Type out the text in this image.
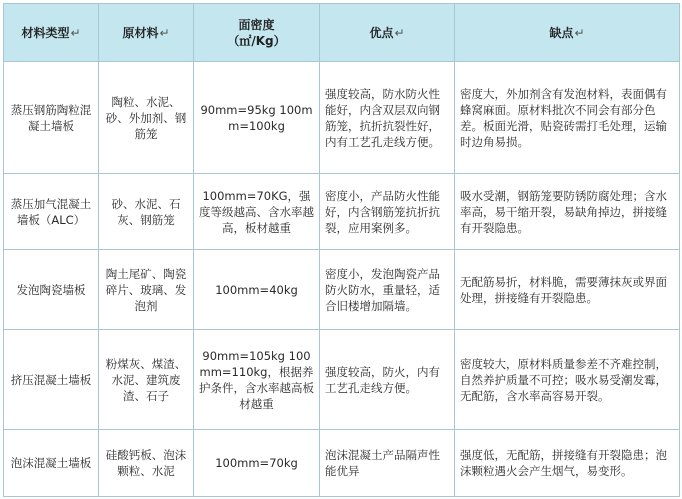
材料类型↵	原材料↵	面密度
（㎡/Kg）	优点↵	缺点↵
蒸压钢筋陶粒混凝土墙板	陶粒、水泥、砂、外加剂、钢筋笼	90mm=95kg 100mm=100kg	强度较高，防水防火性能好，内含双层双向钢筋笼，抗折抗裂性好，内有工艺孔走线方便。	密度大，外加剂含有发泡材料，表面偶有蜂窝麻面。原材料批次不同会有部分色差。板面光滑，贴瓷砖需打毛处理，运输时边角易损。
蒸压加气混凝土墙板（ALC）	砂、水泥、石灰、钢筋笼	100mm=70KG，强度等级越高、含水率越高，板材越重	密度小，产品防火性能好，内含钢筋笼抗折抗裂，应用案例多。	吸水受潮，钢筋笼要防锈防腐处理；含水率高，易干缩开裂，易缺角掉边，拼接缝有开裂隐患。
发泡陶瓷墙板	陶土尾矿、陶瓷碎片、玻璃、发泡剂	100mm=40kg	密度小，发泡陶瓷产品防火防水，重量轻，适合旧楼增加隔墙。	无配筋易折，材料脆，需要薄抹灰或界面处理，拼接缝有开裂隐患。
挤压混凝土墙板	粉煤灰、煤渣、水泥、建筑废渣、石子	90mm=105kg 100mm=110kg，根据养护条件，含水率越高板材越重	强度较高，防火，内有工艺孔走线方便。	密度较大，原材料质量参差不齐难控制，自然养护质量不可控；吸水易受潮发霉，无配筋，含水率高容易开裂。
泡沫混凝土墙板	硅酸钙板、泡沫颗粒、水泥	100mm=70kg	泡沫混凝土产品隔声性能优异	强度低，无配筋，拼接缝有开裂隐患；泡沫颗粒遇火会产生烟气，易变形。
